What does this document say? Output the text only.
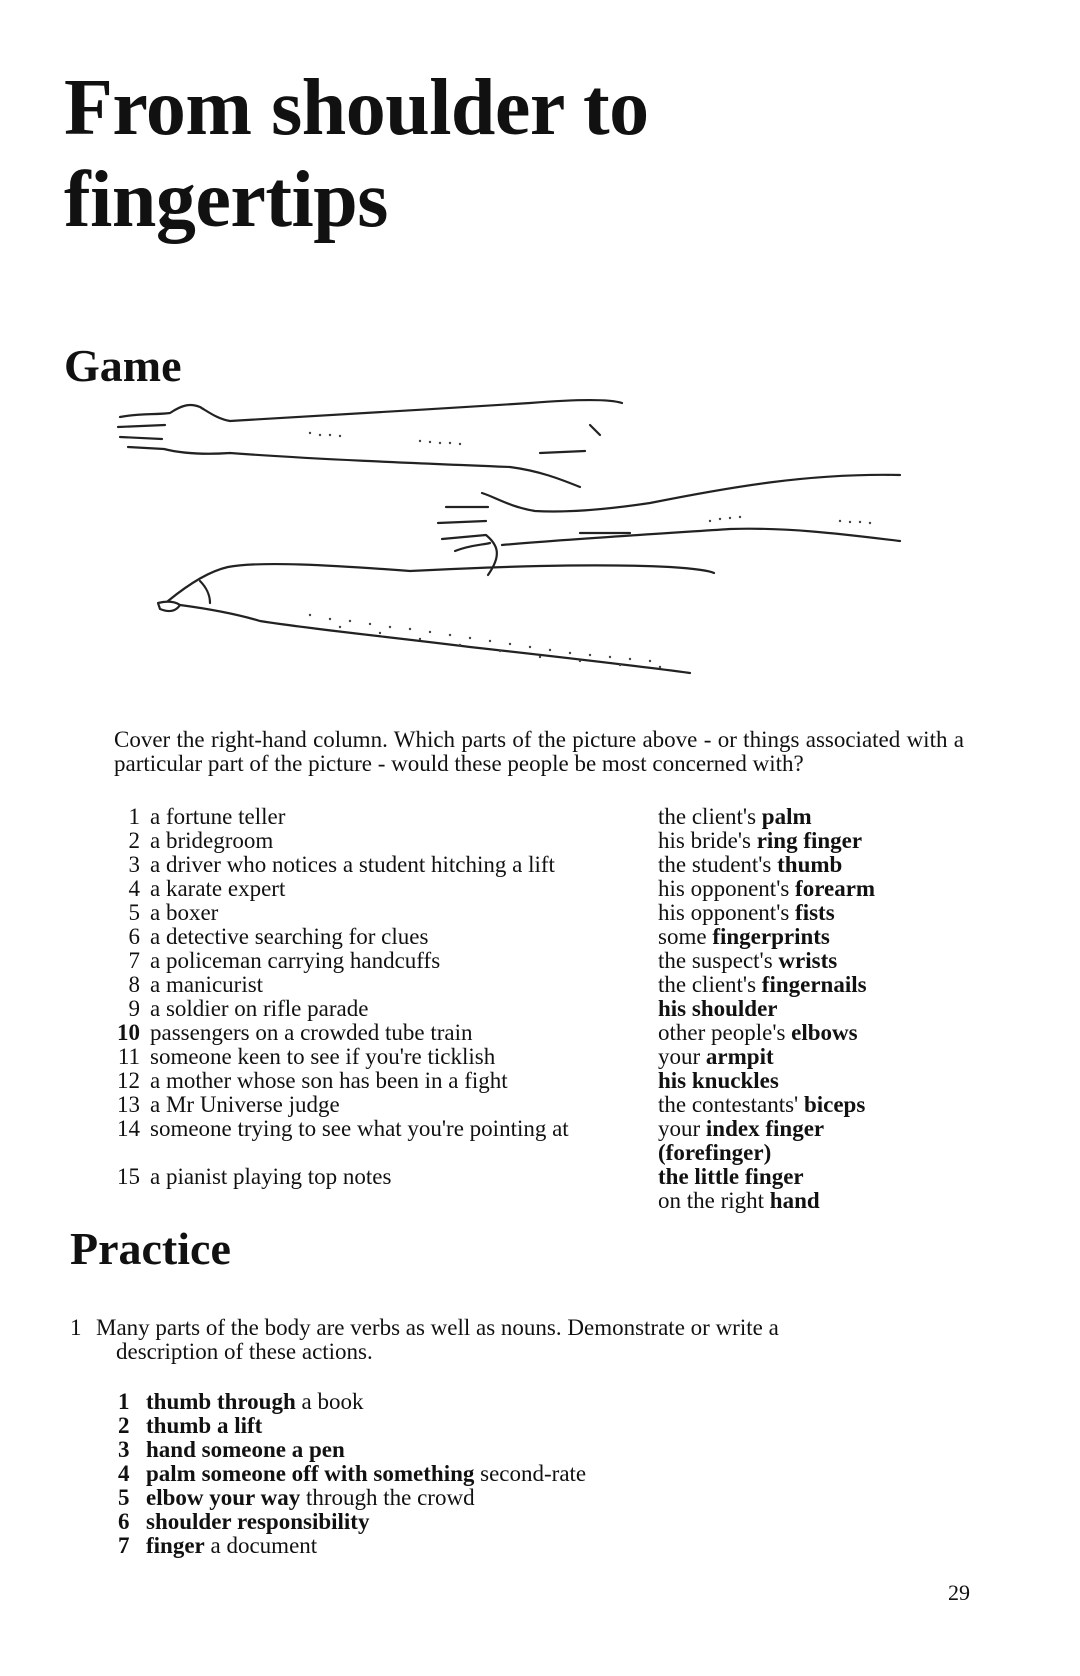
From shoulder to
fingertips
Game

Cover the right-hand column. Which parts of the picture above - or things associated with a particular part of the picture - would these people be most concerned with?

1 a fortune teller	the client's palm
2 a bridegroom	his bride's ring finger
3 a driver who notices a student hitching a lift	the student's thumb
4 a karate expert	his opponent's forearm
5 a boxer	his opponent's fists
6 a detective searching for clues	some fingerprints
7 a policeman carrying handcuffs	the suspect's wrists
8 a manicurist	the client's fingernails
9 a soldier on rifle parade	his shoulder
10 passengers on a crowded tube train	other people's elbows
11 someone keen to see if you're ticklish	your armpit
12 a mother whose son has been in a fight	his knuckles
13 a Mr Universe judge	the contestants' biceps
14 someone trying to see what you're pointing at	your index finger
(forefinger)
15 a pianist playing top notes	the little finger
on the right hand
Practice

1 Many parts of the body are verbs as well as nouns. Demonstrate or write a
description of these actions.

1 thumb through a book
2 thumb a lift
3 hand someone a pen
4 palm someone off with something second-rate
5 elbow your way through the crowd
6 shoulder responsibility
7 finger a document
29
